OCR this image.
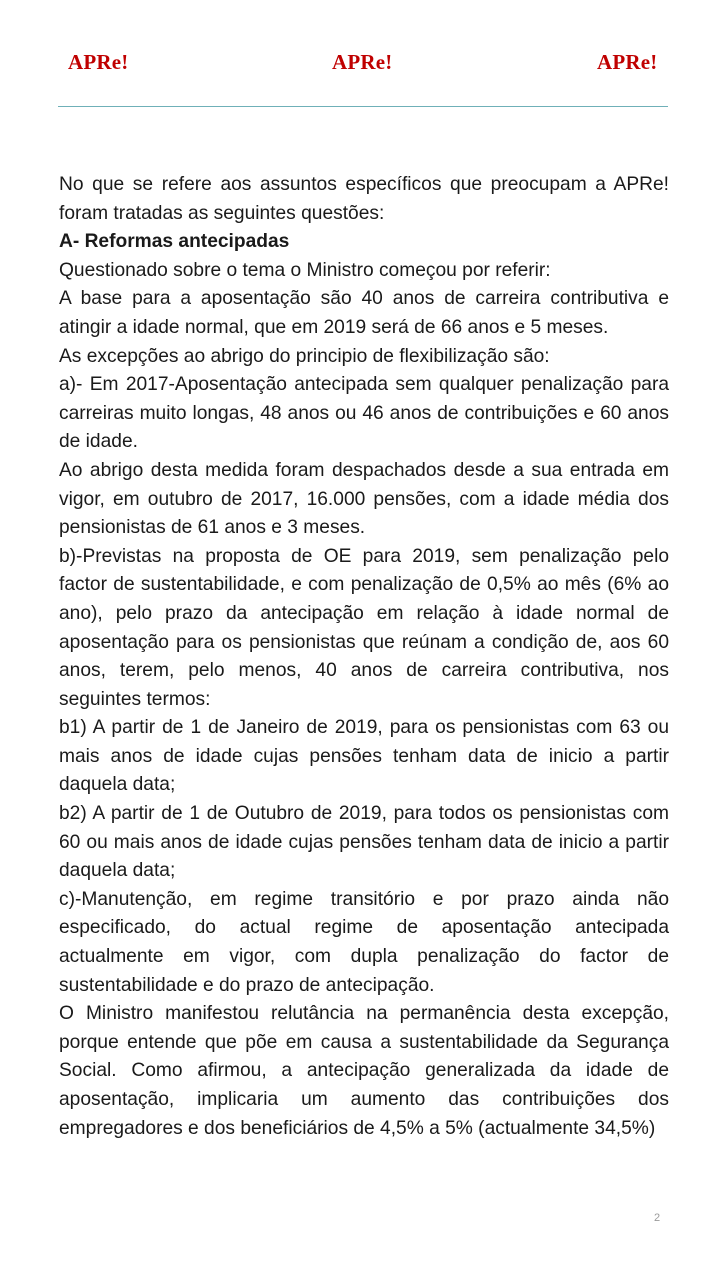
APRe!	APRe!	APRe!

No que se refere aos assuntos específicos que preocupam a APRe! foram tratadas as seguintes questões:

A- Reformas antecipadas

Questionado sobre o tema o Ministro começou por referir:

A base para a aposentação são 40 anos de carreira contributiva e atingir a idade normal, que em 2019 será de 66 anos e 5 meses.

As excepções ao abrigo do principio de flexibilização são:

a)- Em 2017-Aposentação antecipada sem qualquer penalização para carreiras muito longas, 48 anos ou 46 anos de contribuições e 60 anos de idade.

Ao abrigo desta medida foram despachados desde a sua entrada em vigor, em outubro de 2017, 16.000 pensões, com a idade média dos pensionistas de 61 anos e 3 meses.

b)-Previstas na proposta de OE para 2019, sem penalização pelo factor de sustentabilidade, e com penalização de 0,5% ao mês (6% ao ano), pelo prazo da antecipação em relação à idade normal de aposentação para os pensionistas que reúnam a condição de, aos 60 anos, terem, pelo menos, 40 anos de carreira contributiva, nos seguintes termos:

b1) A partir de 1 de Janeiro de 2019, para os pensionistas com 63 ou mais anos de idade cujas pensões tenham data de inicio a partir daquela data;

b2) A partir de 1 de Outubro de 2019, para todos os pensionistas com 60 ou mais anos de idade cujas pensões tenham data de inicio a partir daquela data;

c)-Manutenção, em regime transitório e por prazo ainda não especificado, do actual regime de aposentação antecipada actualmente em vigor, com dupla penalização do factor de sustentabilidade e do prazo de antecipação.

O Ministro manifestou relutância na permanência desta excepção, porque entende que põe em causa a sustentabilidade da Segurança Social. Como afirmou, a antecipação generalizada da idade de aposentação, implicaria um aumento das contribuições dos empregadores e dos beneficiários de 4,5% a 5% (actualmente 34,5%)

2
